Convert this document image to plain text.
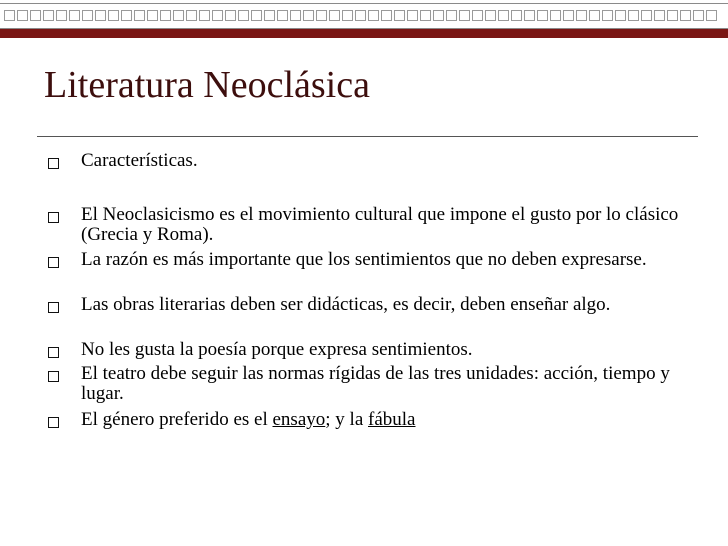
Literatura Neoclásica
Características.
El Neoclasicismo es el movimiento cultural que impone el gusto por lo clásico (Grecia y Roma).
La razón es más importante que los sentimientos que no deben expresarse.
Las obras literarias deben ser didácticas, es decir, deben enseñar algo.
No les gusta la poesía porque expresa sentimientos.
El teatro debe seguir las normas rígidas de las tres unidades: acción, tiempo y lugar.
El género preferido es el ensayo; y la fábula
